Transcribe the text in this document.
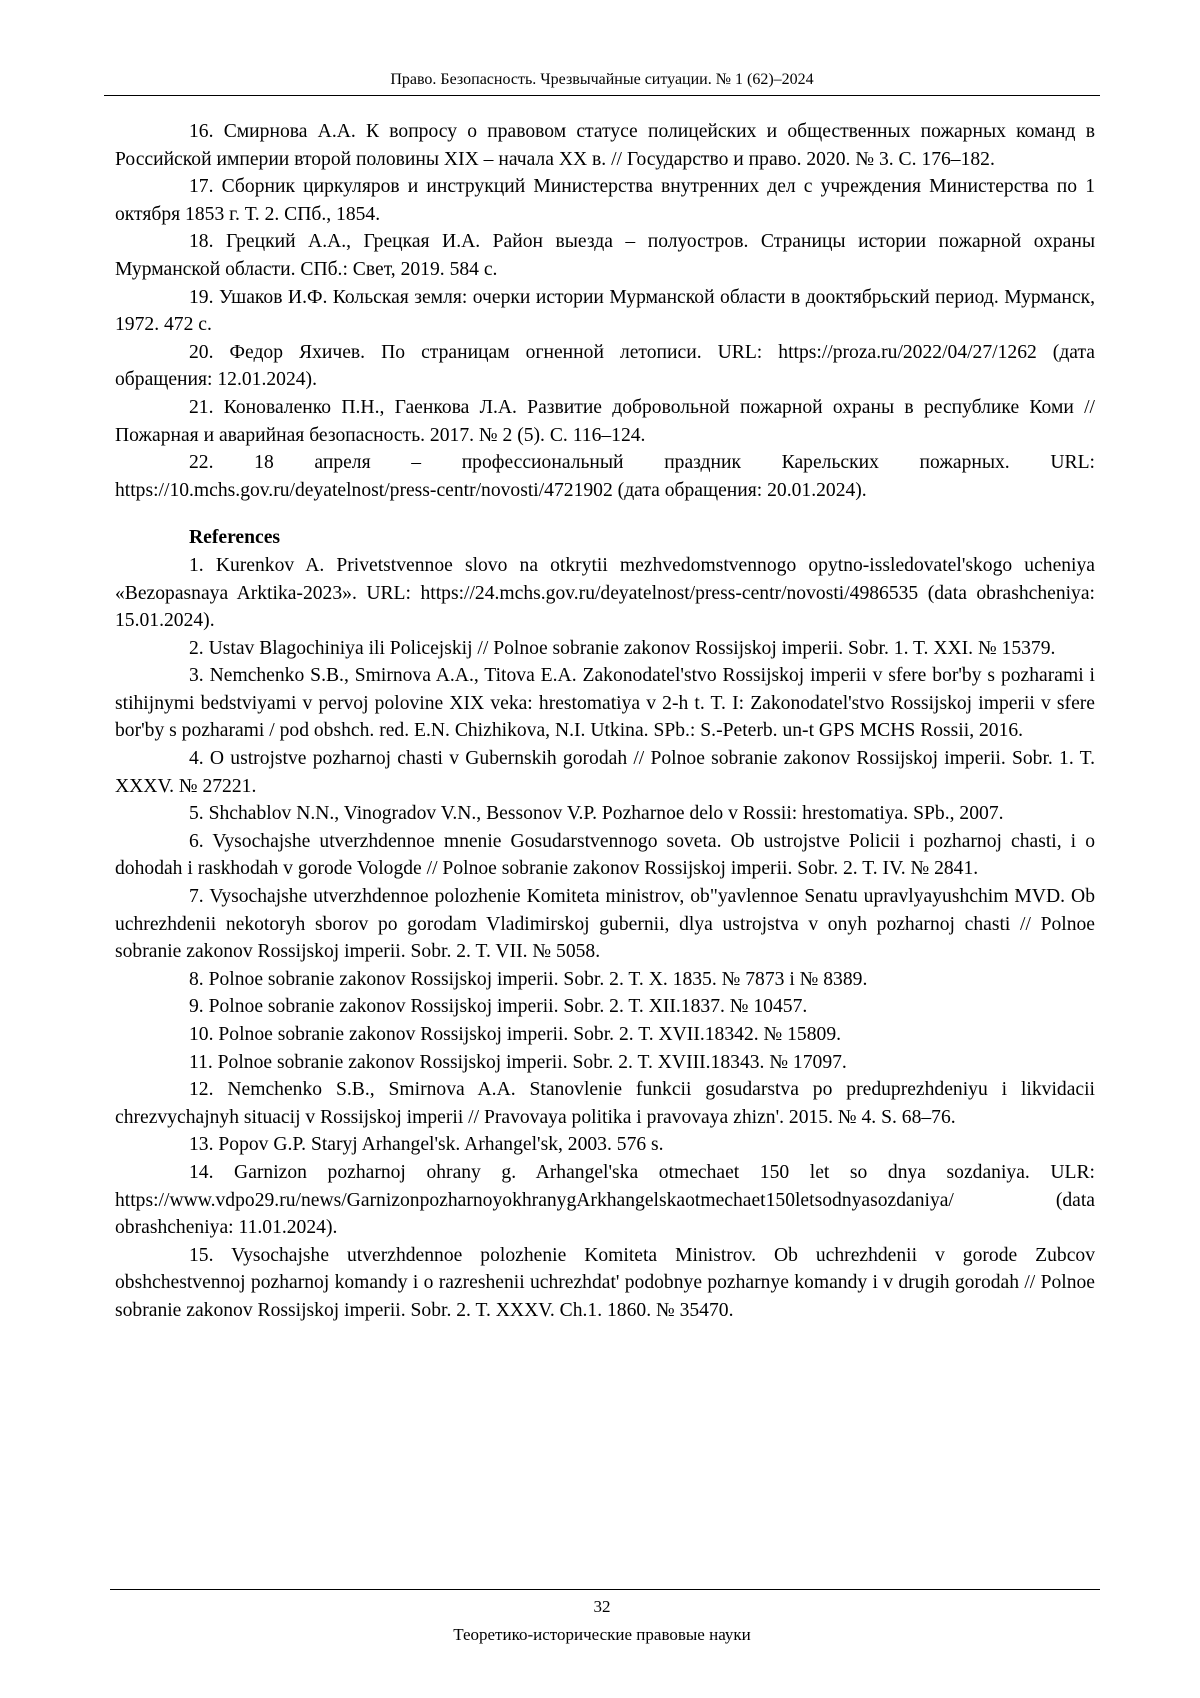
Право. Безопасность. Чрезвычайные ситуации. № 1 (62)–2024

16. Смирнова А.А. К вопросу о правовом статусе полицейских и общественных пожарных команд в Российской империи второй половины XIX – начала XX в. // Государство и право. 2020. № 3. С. 176–182.

17. Сборник циркуляров и инструкций Министерства внутренних дел с учреждения Министерства по 1 октября 1853 г. Т. 2. СПб., 1854.

18. Грецкий А.А., Грецкая И.А. Район выезда – полуостров. Страницы истории пожарной охраны Мурманской области. СПб.: Свет, 2019. 584 с.

19. Ушаков И.Ф. Кольская земля: очерки истории Мурманской области в дооктябрьский период. Мурманск, 1972. 472 с.

20. Федор Яхичев. По страницам огненной летописи. URL: https://proza.ru/2022/04/27/1262 (дата обращения: 12.01.2024).

21. Коноваленко П.Н., Гаенкова Л.А. Развитие добровольной пожарной охраны в республике Коми // Пожарная и аварийная безопасность. 2017. № 2 (5). С. 116–124.

22. 18 апреля – профессиональный праздник Карельских пожарных. URL: https://10.mchs.gov.ru/deyatelnost/press-centr/novosti/4721902 (дата обращения: 20.01.2024).

References

1. Kurenkov A. Privetstvennoe slovo na otkrytii mezhvedomstvennogo opytno-issledovatel'skogo ucheniya «Bezopasnaya Arktika-2023». URL: https://24.mchs.gov.ru/deyatelnost/press-centr/novosti/4986535 (data obrashcheniya: 15.01.2024).

2. Ustav Blagochiniya ili Policejskij // Polnoe sobranie zakonov Rossijskoj imperii. Sobr. 1. T. XXI. № 15379.

3. Nemchenko S.B., Smirnova A.A., Titova E.A. Zakonodatel'stvo Rossijskoj imperii v sfere bor'by s pozharami i stihijnymi bedstviyami v pervoj polovine XIX veka: hrestomatiya v 2-h t. T. I: Zakonodatel'stvo Rossijskoj imperii v sfere bor'by s pozharami / pod obshch. red. E.N. Chizhikova, N.I. Utkina. SPb.: S.-Peterb. un-t GPS MCHS Rossii, 2016.

4. O ustrojstve pozharnoj chasti v Gubernskih gorodah // Polnoe sobranie zakonov Rossijskoj imperii. Sobr. 1. T. XXXV. № 27221.

5. Shchablov N.N., Vinogradov V.N., Bessonov V.P. Pozharnoe delo v Rossii: hrestomatiya. SPb., 2007.

6. Vysochajshe utverzhdennoe mnenie Gosudarstvennogo soveta. Ob ustrojstve Policii i pozharnoj chasti, i o dohodah i raskhodah v gorode Vologde // Polnoe sobranie zakonov Rossijskoj imperii. Sobr. 2. T. IV. № 2841.

7. Vysochajshe utverzhdennoe polozhenie Komiteta ministrov, ob"yavlennoe Senatu upravlyayushchim MVD. Ob uchrezhdenii nekotoryh sborov po gorodam Vladimirskoj gubernii, dlya ustrojstva v onyh pozharnoj chasti // Polnoe sobranie zakonov Rossijskoj imperii. Sobr. 2. T. VII. № 5058.

8. Polnoe sobranie zakonov Rossijskoj imperii. Sobr. 2. T. X. 1835. № 7873 i № 8389.

9. Polnoe sobranie zakonov Rossijskoj imperii. Sobr. 2. T. XII.1837. № 10457.

10. Polnoe sobranie zakonov Rossijskoj imperii. Sobr. 2. T. XVII.18342. № 15809.

11. Polnoe sobranie zakonov Rossijskoj imperii. Sobr. 2. T. XVIII.18343. № 17097.

12. Nemchenko S.B., Smirnova A.A. Stanovlenie funkcii gosudarstva po preduprezhdeniyu i likvidacii chrezvychajnyh situacij v Rossijskoj imperii // Pravovaya politika i pravovaya zhizn'. 2015. № 4. S. 68–76.

13. Popov G.P. Staryj Arhangel'sk. Arhangel'sk, 2003. 576 s.

14. Garnizon pozharnoj ohrany g. Arhangel'ska otmechaet 150 let so dnya sozdaniya. ULR: https://www.vdpo29.ru/news/GarnizonpozharnoyokhranygArkhangelskaotmechaet150letsodnyasozdaniya/ (data obrashcheniya: 11.01.2024).

15. Vysochajshe utverzhdennoe polozhenie Komiteta Ministrov. Ob uchrezhdenii v gorode Zubcov obshchestvennoj pozharnoj komandy i o razreshenii uchrezhdat' podobnye pozharnye komandy i v drugih gorodah // Polnoe sobranie zakonov Rossijskoj imperii. Sobr. 2. T. XXXV. Ch.1. 1860. № 35470.

32
Теоретико-исторические правовые науки
